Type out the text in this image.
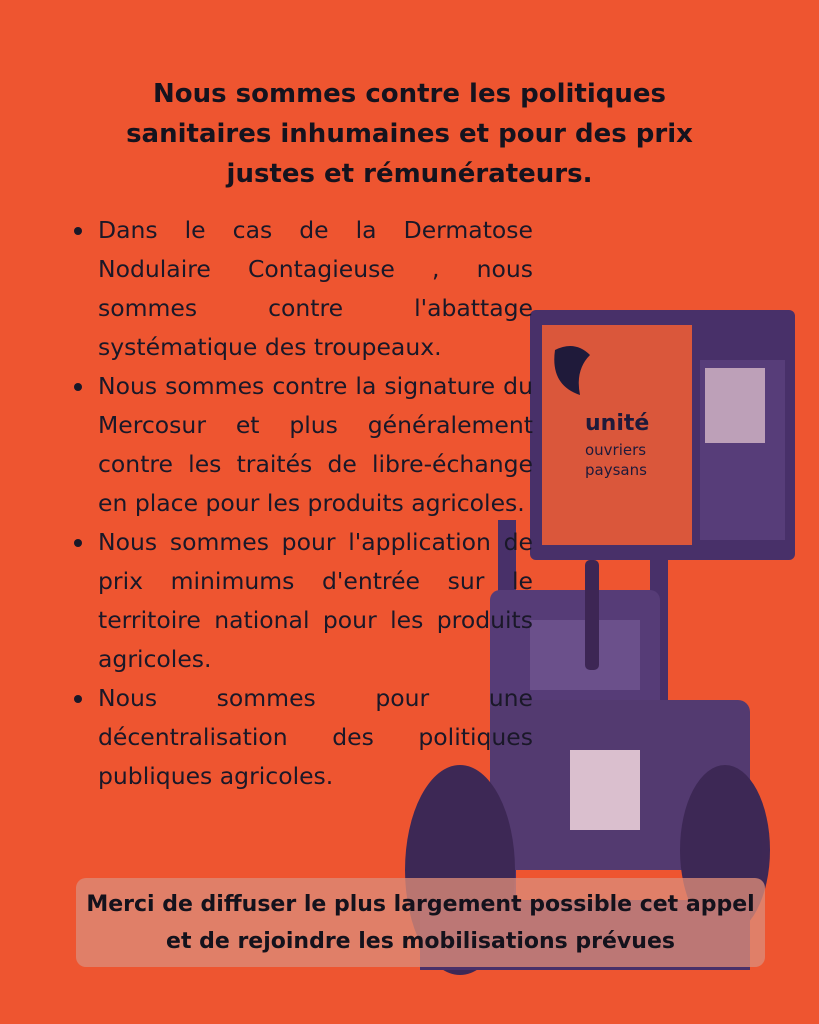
unité
ouvriers
paysans
Nous sommes contre les politiques sanitaires inhumaines et pour des prix justes et rémunérateurs.
Dans le cas de la Dermatose Nodulaire Contagieuse , nous sommes contre l'abattage systématique des troupeaux.
Nous sommes contre la signature du Mercosur et plus généralement contre les traités de libre-échange en place pour les produits agricoles.
Nous sommes pour l'application de prix minimums d'entrée sur le territoire national pour les produits agricoles.
Nous sommes pour une décentralisation des politiques publiques agricoles.
Merci de diffuser le plus largement possible cet appel et de rejoindre les mobilisations prévues
